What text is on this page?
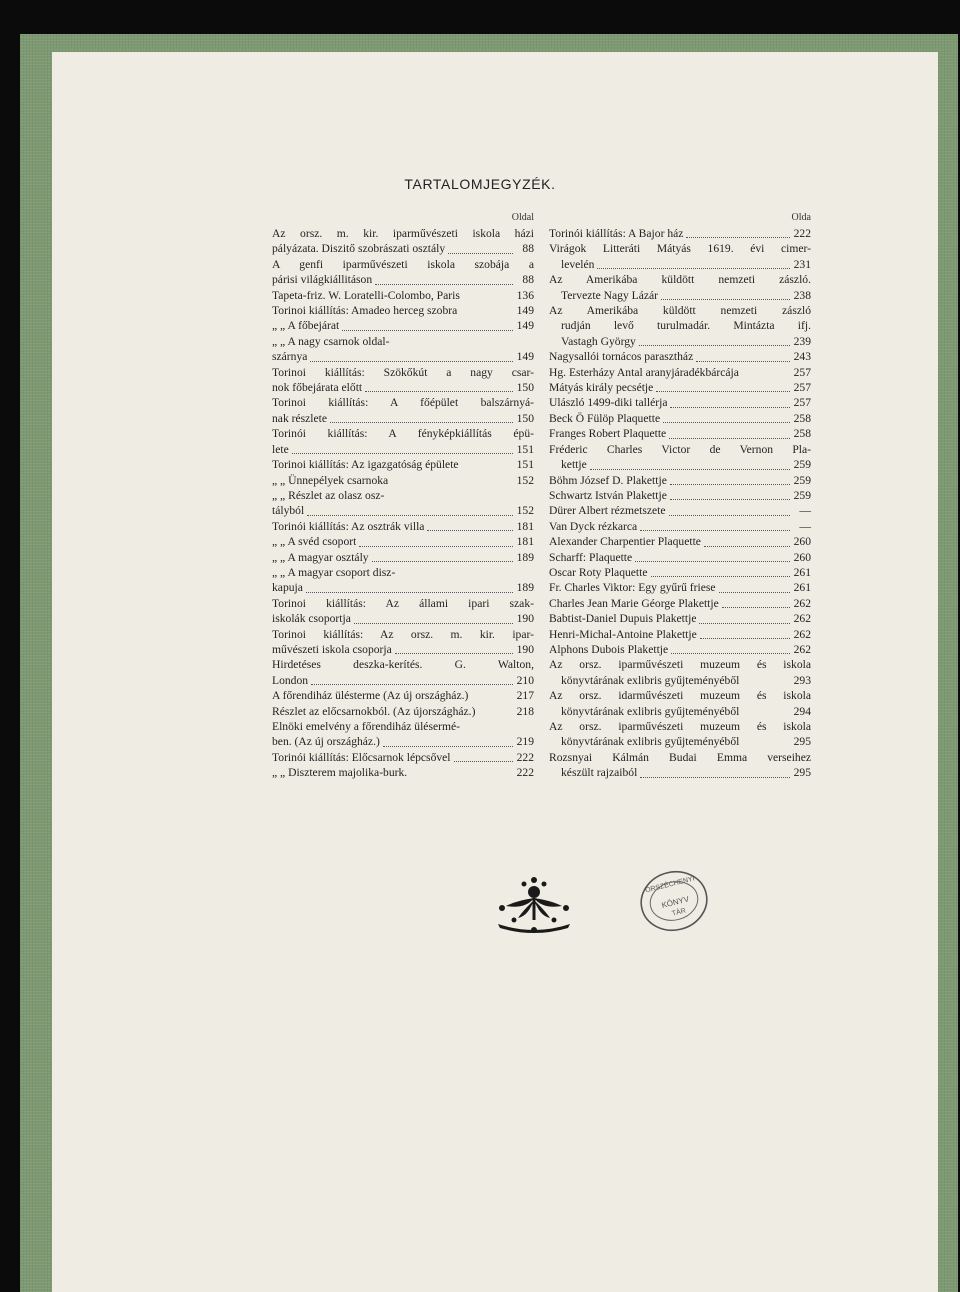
TARTALOMJEGYZÉK.
Oldal
Az orsz. m. kir. iparművészeti iskola házi
pályázata. Diszitő szobrászati osztály	88
A genfi iparművészeti iskola szobája a
párisi világkiállitáson	88
Tapeta-friz. W. Loratelli-Colombo, Paris	136
Torinoi kiállítás: Amadeo herceg szobra	149
„ „ A főbejárat	149
„ „ A nagy csarnok oldal-
szárnya	149
Torinoi kiállítás: Szökőkút a nagy csar-
nok főbejárata előtt	150
Torinoi kiállítás: A főépület balszárnyá-
nak részlete	150
Torinói kiállítás: A fényképkiállítás épü-
lete	151
Torinoi kiállítás: Az igazgatóság épülete	151
„ „ Ünnepélyek csarnoka	152
„ „ Részlet az olasz osz-
tályból	152
Torinói kiállítás: Az osztrák villa	181
„ „ A svéd csoport	181
„ „ A magyar osztály	189
„ „ A magyar csoport disz-
kapuja	189
Torinoi kiállítás: Az állami ipari szak-
iskolák csoportja	190
Torinoi kiállítás: Az orsz. m. kir. ipar-
művészeti iskola csoporja	190
Hirdetéses deszka-kerítés. G. Walton,
London	210
A főrendiház ülésterme (Az új országház.)	217
Részlet az előcsarnokból. (Az újországház.)	218
Elnöki emelvény a főrendiház ülésermé-
ben. (Az új országház.)	219
Torinói kiállítás: Előcsarnok lépcsővel	222
„ „ Diszterem majolika-burk.	222
Olda
Torinói kiállítás: A Bajor ház	222
Virágok Litteráti Mátyás 1619. évi cimer-
levelén	231
Az Amerikába küldött nemzeti zászló.
Tervezte Nagy Lázár	238
Az Amerikába küldött nemzeti zászló
rudján levő turulmadár. Mintázta ifj.
Vastagh György	239
Nagysallói tornácos parasztház	243
Hg. Esterházy Antal aranyjáradékbárcája	257
Mátyás király pecsétje	257
Ulászló 1499-diki tallérja	257
Beck Ö Fülöp Plaquette	258
Franges Robert Plaquette	258
Fréderic Charles Victor de Vernon Pla-
kettje	259
Böhm József D. Plakettje	259
Schwartz István Plakettje	259
Dürer Albert rézmetszete	—
Van Dyck rézkarca	—
Alexander Charpentier Plaquette	260
Scharff: Plaquette	260
Oscar Roty Plaquette	261
Fr. Charles Viktor: Egy gyűrű friese	261
Charles Jean Marie Géorge Plakettje	262
Babtist-Daniel Dupuis Plakettje	262
Henri-Michal-Antoine Plakettje	262
Alphons Dubois Plakettje	262
Az orsz. iparművészeti muzeum és iskola
könyvtárának exlibris gyűjteményéből	293
Az orsz. idarművészeti muzeum és iskola
könyvtárának exlibris gyűjteményéből	294
Az orsz. iparművészeti muzeum és iskola
könyvtárának exlibris gyűjteményéből	295
Rozsnyai Kálmán Budai Emma verseihez
készült rajzaiból	295
ORSZÉCHENYI
KÖNYV
TÁR
